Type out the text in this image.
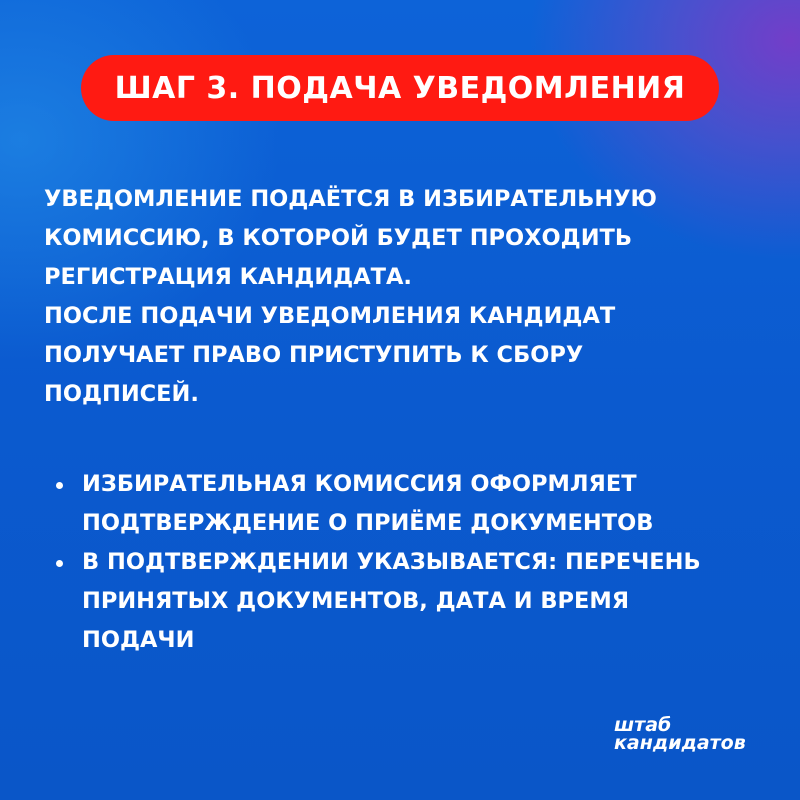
ШАГ 3. ПОДАЧА УВЕДОМЛЕНИЯ

УВЕДОМЛЕНИЕ ПОДАЁТСЯ В ИЗБИРАТЕЛЬНУЮ
КОМИССИЮ, В КОТОРОЙ БУДЕТ ПРОХОДИТЬ
РЕГИСТРАЦИЯ КАНДИДАТА.

ПОСЛЕ ПОДАЧИ УВЕДОМЛЕНИЯ КАНДИДАТ
ПОЛУЧАЕТ ПРАВО ПРИСТУПИТЬ К СБОРУ
ПОДПИСЕЙ.

ИЗБИРАТЕЛЬНАЯ КОМИССИЯ ОФОРМЛЯЕТ
ПОДТВЕРЖДЕНИЕ О ПРИЁМЕ ДОКУМЕНТОВ
В ПОДТВЕРЖДЕНИИ УКАЗЫВАЕТСЯ: ПЕРЕЧЕНЬ
ПРИНЯТЫХ ДОКУМЕНТОВ, ДАТА И ВРЕМЯ
ПОДАЧИ
штаб
кандидатов
